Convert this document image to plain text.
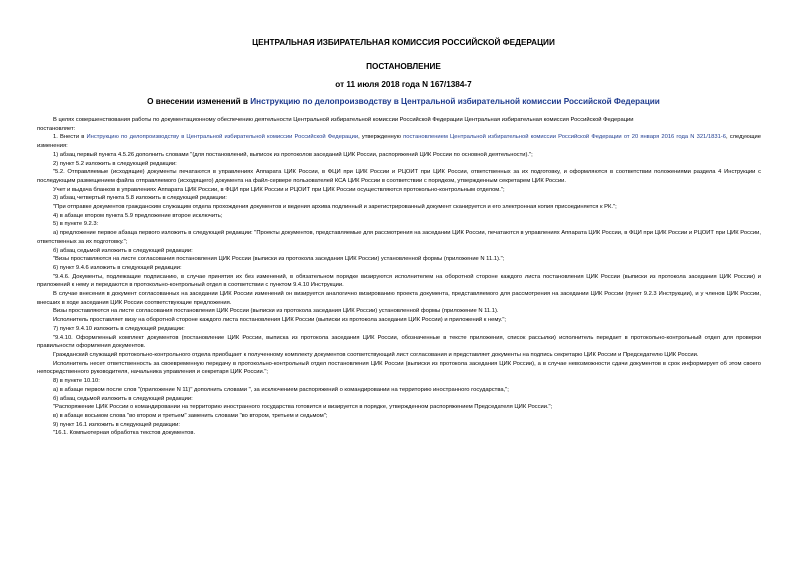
ЦЕНТРАЛЬНАЯ ИЗБИРАТЕЛЬНАЯ КОМИССИЯ РОССИЙСКОЙ ФЕДЕРАЦИИ
ПОСТАНОВЛЕНИЕ
от 11 июля 2018 года N 167/1384-7
О внесении изменений в Инструкцию по делопроизводству в Центральной избирательной комиссии Российской Федерации

В целях совершенствования работы по документационному обеспечению деятельности Центральной избирательной комиссии Российской Федерации Центральная избирательная комиссия Российской Федерации

постановляет:

1. Внести в Инструкцию по делопроизводству в Центральной избирательной комиссии Российской Федерации, утвержденную постановлением Центральной избирательной комиссии Российской Федерации от 20 января 2016 года N 321/1831-6, следующие изменения:

1) абзац первый пункта 4.5.26 дополнить словами "(для постановлений, выписок из протоколов заседаний ЦИК России, распоряжений ЦИК России по основной деятельности).";

2) пункт 5.2 изложить в следующей редакции:

"5.2. Отправляемые (исходящие) документы печатаются в управлениях Аппарата ЦИК России, в ФЦИ при ЦИК России и РЦОИТ при ЦИК России, ответственных за их подготовку, и оформляются в соответствии положениями раздела 4 Инструкции с последующим размещением файла отправляемого (исходящего) документа на файл-сервере пользователей КСА ЦИК России в соответствии с порядком, утвержденным секретарем ЦИК России.

Учет и выдача бланков в управлениях Аппарата ЦИК России, в ФЦИ при ЦИК России и РЦОИТ при ЦИК России осуществляются протокольно-контрольным отделом.";

3) абзац четвертый пункта 5.8 изложить в следующей редакции:

"При отправке документов гражданским служащим отдела прохождения документов и ведения архива подлинный и зарегистрированный документ сканируется и его электронная копия присоединяется к РК.";

4) в абзаце втором пункта 5.9 предложение второе исключить;

5) в пункте 9.2.3:

а) предложение первое абзаца первого изложить в следующей редакции: "Проекты документов, представляемые для рассмотрения на заседании ЦИК России, печатаются в управлениях Аппарата ЦИК России, в ФЦИ при ЦИК России и РЦОИТ при ЦИК России, ответственных за их подготовку.";

б) абзац седьмой изложить в следующей редакции:

"Визы проставляются на листе согласования постановления ЦИК России (выписки из протокола заседания ЦИК России) установленной формы (приложение N 11.1).";

6) пункт 9.4.6 изложить в следующей редакции:

"9.4.6. Документы, подлежащие подписанию, в случае принятия их без изменений, в обязательном порядке визируются исполнителем на оборотной стороне каждого листа постановления ЦИК России (выписки из протокола заседания ЦИК России) и приложений к нему и передаются в протокольно-контрольный отдел в соответствии с пунктом 9.4.10 Инструкции.

В случае внесения в документ согласованных на заседании ЦИК России изменений он визируется аналогично визированию проекта документа, представляемого для рассмотрения на заседании ЦИК России (пункт 9.2.3 Инструкции), и у членов ЦИК России, внесших в ходе заседания ЦИК России соответствующие предложения.

Визы проставляются на листе согласования постановления ЦИК России (выписки из протокола заседания ЦИК России) установленной формы (приложение N 11.1).

Исполнитель проставляет визу на оборотной стороне каждого листа постановления ЦИК России (выписки из протокола заседания ЦИК России) и приложений к нему.";

7) пункт 9.4.10 изложить в следующей редакции:

"9.4.10. Оформленный комплект документов (постановление ЦИК России, выписка из протокола заседания ЦИК России, обозначенные в тексте приложения, список рассылки) исполнитель передает в протокольно-контрольный отдел для проверки правильности оформления документов.

Гражданский служащий протокольно-контрольного отдела приобщает к полученному комплекту документов соответствующий лист согласования и представляет документы на подпись секретарю ЦИК России и Председателю ЦИК России.

Исполнитель несет ответственность за своевременную передачу в протокольно-контрольный отдел постановления ЦИК России (выписки из протокола заседания ЦИК России), а в случае невозможности сдачи документов в срок информирует об этом своего непосредственного руководителя, начальника управления и секретаря ЦИК России.";

8) в пункте 10.10:

а) в абзаце первом после слов "(приложение N 11)" дополнить словами ", за исключением распоряжений о командировании на территорию иностранного государства,";

б) абзац седьмой изложить в следующей редакции:

"Распоряжение ЦИК России о командировании на территорию иностранного государства готовится и визируется в порядке, утвержденном распоряжением Председателя ЦИК России.";

в) в абзаце восьмом слова "во втором и третьем" заменить словами "во втором, третьем и седьмом";

9) пункт 16.1 изложить в следующей редакции:

"16.1. Компьютерная обработка текстов документов.
